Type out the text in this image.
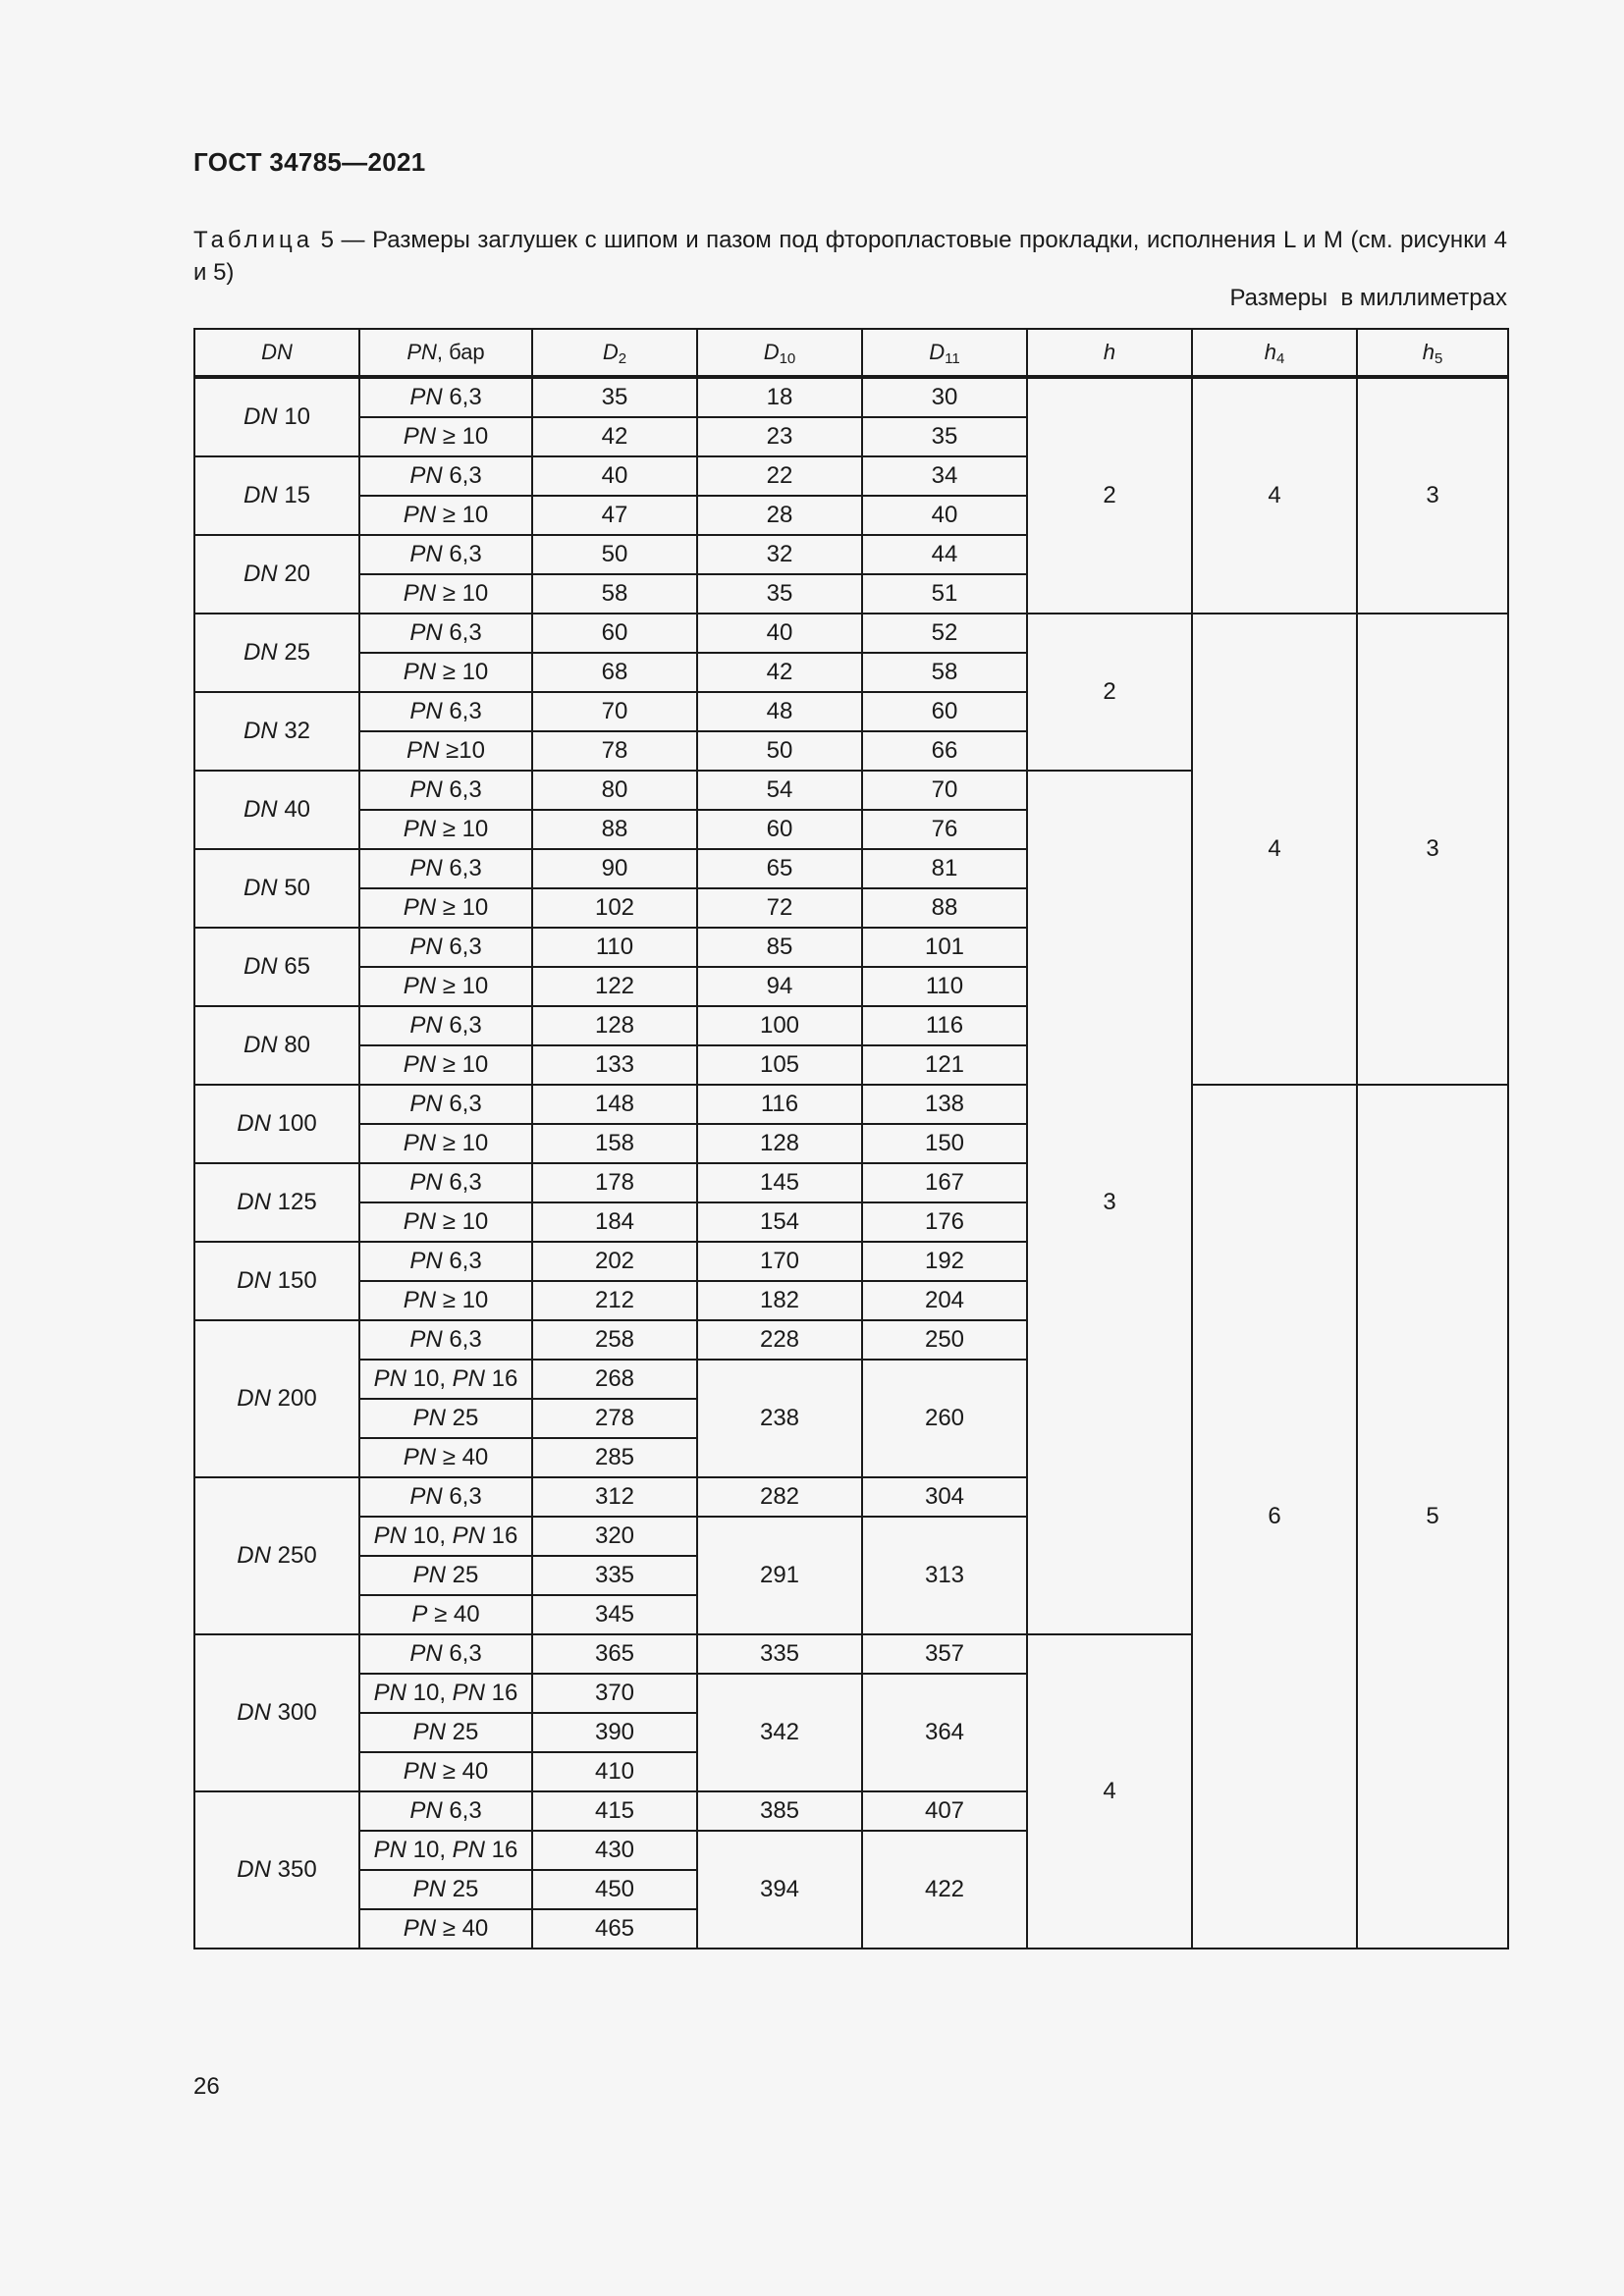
ГОСТ 34785—2021
Таблица 5 — Размеры заглушек с шипом и пазом под фторопластовые прокладки, исполнения L и M (см. рисунки 4 и 5)
Размеры  в миллиметрах
DN	PN, бар	$D_2$	$D_{10}$	$D_{11}$	h	$h_4$	$h_5$
DN 10	PN 6,3	35	18	30	2	4	3
	PN ≥ 10	42	23	35			
DN 15	PN 6,3	40	22	34			
	PN ≥ 10	47	28	40			
DN 20	PN 6,3	50	32	44			
	PN ≥ 10	58	35	51			
DN 25	PN 6,3	60	40	52	2	4	3
	PN ≥ 10	68	42	58			
DN 32	PN 6,3	70	48	60			
	PN ≥10	78	50	66			
DN 40	PN 6,3	80	54	70	3		
	PN ≥ 10	88	60	76			
DN 50	PN 6,3	90	65	81			
	PN ≥ 10	102	72	88			
DN 65	PN 6,3	110	85	101			
	PN ≥ 10	122	94	110			
DN 80	PN 6,3	128	100	116			
	PN ≥ 10	133	105	121			
DN 100	PN 6,3	148	116	138		6	5
	PN ≥ 10	158	128	150			
DN 125	PN 6,3	178	145	167			
	PN ≥ 10	184	154	176			
DN 150	PN 6,3	202	170	192			
	PN ≥ 10	212	182	204			
DN 200	PN 6,3	258	228	250			
	PN 10, PN 16	268	238	260			
	PN 25	278					
	PN ≥ 40	285					
DN 250	PN 6,3	312	282	304			
	PN 10, PN 16	320	291	313			
	PN 25	335					
	P ≥ 40	345					
DN 300	PN 6,3	365	335	357	4		
	PN 10, PN 16	370	342	364			
	PN 25	390					
	PN ≥ 40	410					
DN 350	PN 6,3	415	385	407			
	PN 10, PN 16	430	394	422			
	PN 25	450					
	PN ≥ 40	465					
26
